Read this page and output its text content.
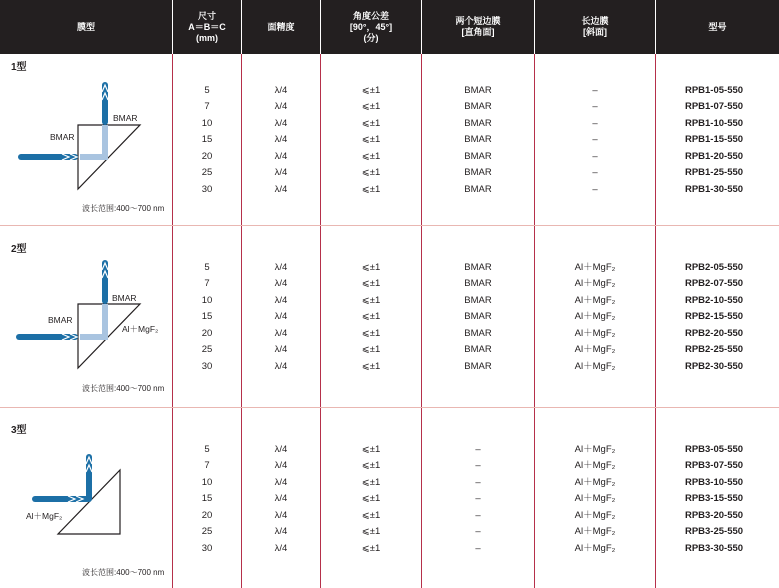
膜型
尺寸
A＝B＝C
(mm)
面精度
角度公差
[90°，45°]
(分)
两个短边膜
[直角面]
长边膜
[斜面]
型号
1型
BMAR
BMAR
波长范围:400～700 nm
5	λ/4	⩽±1	BMAR	–	RPB1-05-550
7	λ/4	⩽±1	BMAR	–	RPB1-07-550
10	λ/4	⩽±1	BMAR	–	RPB1-10-550
15	λ/4	⩽±1	BMAR	–	RPB1-15-550
20	λ/4	⩽±1	BMAR	–	RPB1-20-550
25	λ/4	⩽±1	BMAR	–	RPB1-25-550
30	λ/4	⩽±1	BMAR	–	RPB1-30-550
2型
BMAR
BMAR
Al＋MgF₂
波长范围:400～700 nm
5	λ/4	⩽±1	BMAR	Al＋MgF₂	RPB2-05-550
7	λ/4	⩽±1	BMAR	Al＋MgF₂	RPB2-07-550
10	λ/4	⩽±1	BMAR	Al＋MgF₂	RPB2-10-550
15	λ/4	⩽±1	BMAR	Al＋MgF₂	RPB2-15-550
20	λ/4	⩽±1	BMAR	Al＋MgF₂	RPB2-20-550
25	λ/4	⩽±1	BMAR	Al＋MgF₂	RPB2-25-550
30	λ/4	⩽±1	BMAR	Al＋MgF₂	RPB2-30-550
3型
Al＋MgF₂
波长范围:400～700 nm
5	λ/4	⩽±1	–	Al＋MgF₂	RPB3-05-550
7	λ/4	⩽±1	–	Al＋MgF₂	RPB3-07-550
10	λ/4	⩽±1	–	Al＋MgF₂	RPB3-10-550
15	λ/4	⩽±1	–	Al＋MgF₂	RPB3-15-550
20	λ/4	⩽±1	–	Al＋MgF₂	RPB3-20-550
25	λ/4	⩽±1	–	Al＋MgF₂	RPB3-25-550
30	λ/4	⩽±1	–	Al＋MgF₂	RPB3-30-550
